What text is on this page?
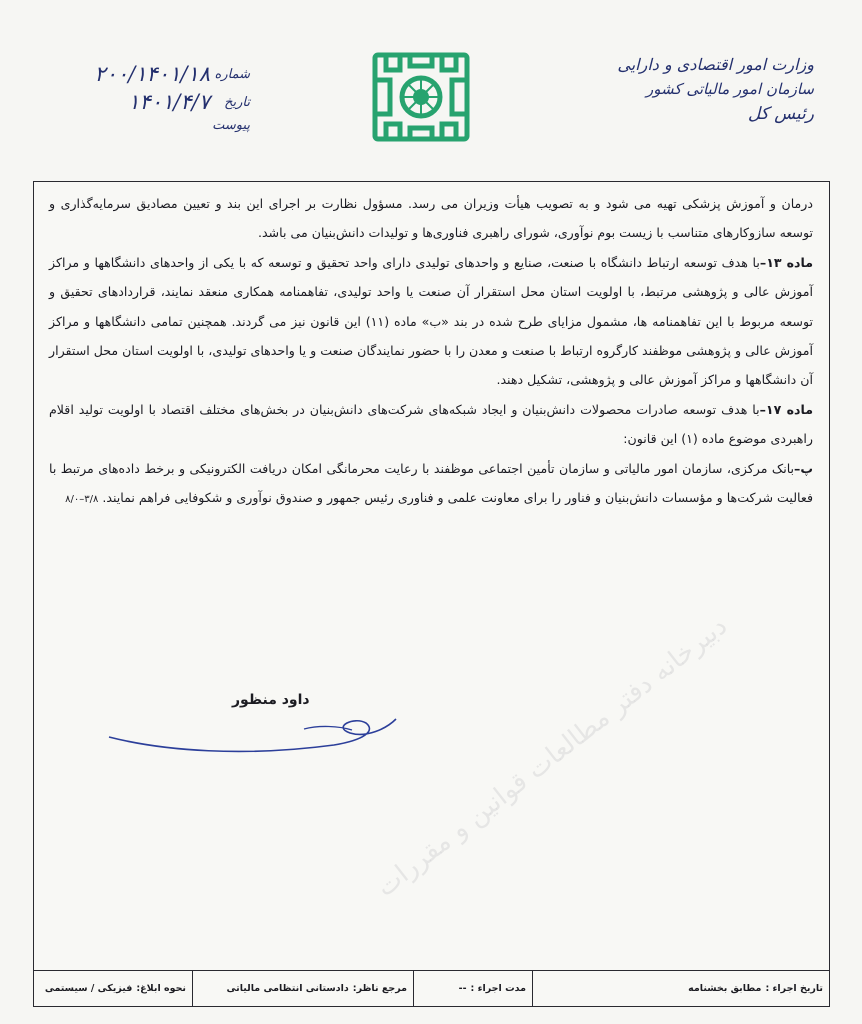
وزارت امور اقتصادی و دارایی
سازمان امور مالیاتی کشور
رئیس کل
شماره
۲۰۰/۱۴۰۱/۱۸
تاریخ
۱۴۰۱/۴/۷
پیوست

درمان و آموزش پزشکی تهیه می شود و به تصویب هیأت وزیران می رسد. مسؤول نظارت بر اجرای این بند و تعیین مصادیق سرمایه‌گذاری و توسعه سازوکارهای متناسب با زیست بوم نوآوری، شورای راهبری فناوری‌ها و تولیدات دانش‌بنیان می باشد.

ماده ۱۳–با هدف توسعه ارتباط دانشگاه با صنعت، صنایع و واحدهای تولیدی دارای واحد تحقیق و توسعه که با یکی از واحدهای دانشگاهها و مراکز آموزش عالی و پژوهشی مرتبط، با اولویت استان محل استقرار آن صنعت یا واحد تولیدی، تفاهمنامه همکاری منعقد نمایند، قراردادهای تحقیق و توسعه مربوط با این تفاهمنامه ها، مشمول مزایای طرح شده در بند «ب» ماده (۱۱) این قانون نیز می گردند. همچنین تمامی دانشگاهها و مراکز آموزش عالی و پژوهشی موظفند کارگروه ارتباط با صنعت و معدن را با حضور نمایندگان صنعت و یا واحدهای تولیدی، با اولویت استان محل استقرار آن دانشگاهها و مراکز آموزش عالی و پژوهشی، تشکیل دهند.

ماده ۱۷–با هدف توسعه صادرات محصولات دانش‌بنیان و ایجاد شبکه‌های شرکت‌های دانش‌بنیان در بخش‌های مختلف اقتصاد با اولویت تولید اقلام راهبردی موضوع ماده (۱) این قانون:

پ–بانک مرکزی، سازمان امور مالیاتی و سازمان تأمین اجتماعی موظفند با رعایت محرمانگی امکان دریافت الکترونیکی و برخط داده‌های مرتبط با فعالیت شرکت‌ها و مؤسسات دانش‌بنیان و فناور را برای معاونت علمی و فناوری رئیس جمهور و صندوق نوآوری و شکوفایی فراهم نمایند. ۳/۸–۸/۰

دبیرخانه دفتر مطالعات قوانین و مقررات
داود منظور
تاریخ اجراء :
مطابق بخشنامه
مدت اجراء :
--
مرجع ناظر:
دادستانی انتظامی مالیاتی
نحوه ابلاغ:
فیزیکی / سیستمی
